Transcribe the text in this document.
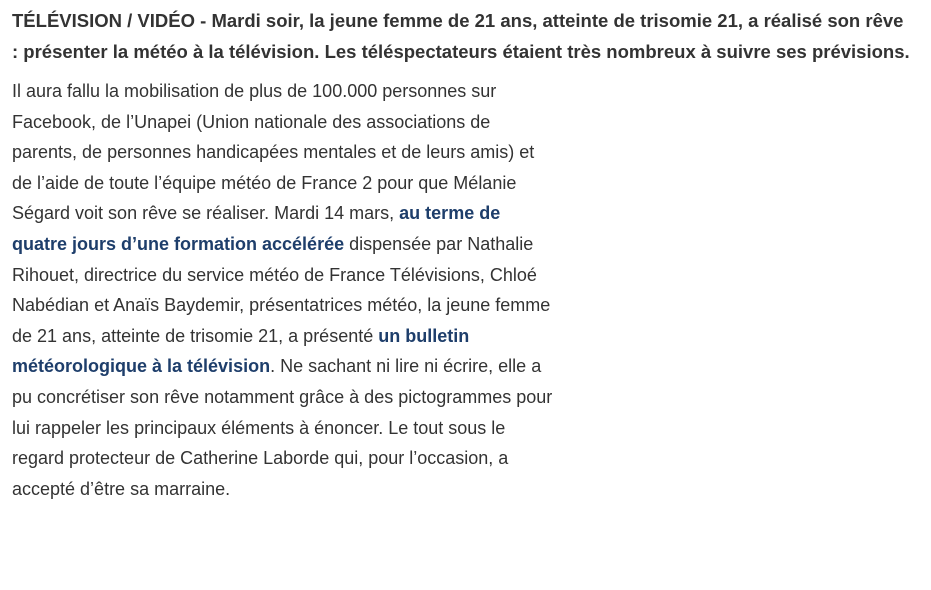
TÉLÉVISION / VIDÉO - Mardi soir, la jeune femme de 21 ans, atteinte de trisomie 21, a réalisé son rêve : présenter la météo à la télévision. Les téléspectateurs étaient très nombreux à suivre ses prévisions.

Il aura fallu la mobilisation de plus de 100.000 personnes sur Facebook, de l’Unapei (Union nationale des associations de parents, de personnes handicapées mentales et de leurs amis) et de l’aide de toute l’équipe météo de France 2 pour que Mélanie Ségard voit son rêve se réaliser. Mardi 14 mars, au terme de quatre jours d’une formation accélérée dispensée par Nathalie Rihouet, directrice du service météo de France Télévisions, Chloé Nabédian et Anaïs Baydemir, présentatrices météo, la jeune femme de 21 ans, atteinte de trisomie 21, a présenté un bulletin météorologique à la télévision. Ne sachant ni lire ni écrire, elle a pu concrétiser son rêve notamment grâce à des pictogrammes pour lui rappeler les principaux éléments à énoncer. Le tout sous le regard protecteur de Catherine Laborde qui, pour l’occasion, a accepté d’être sa marraine.
